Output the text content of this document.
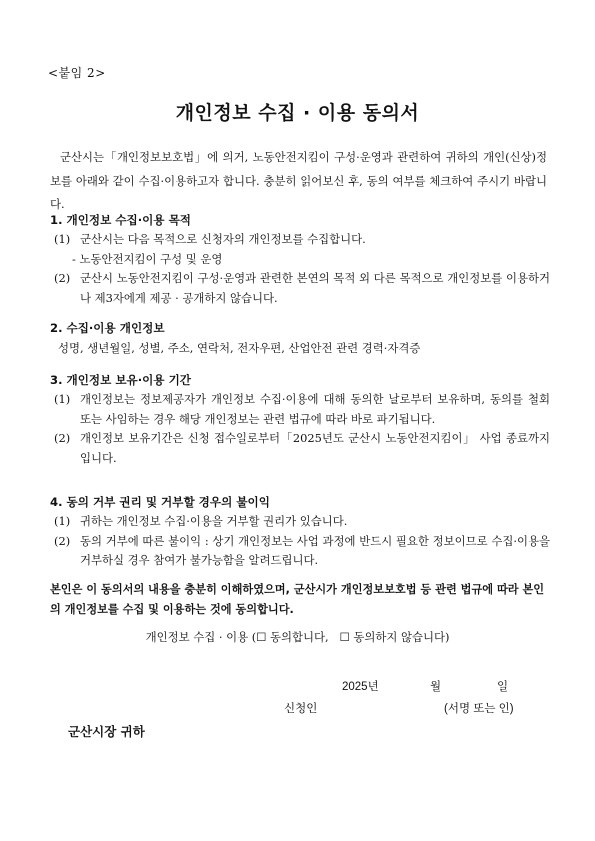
<붙임 2>
개인정보 수집 · 이용 동의서

군산시는「개인정보보호법」에 의거, 노동안전지킴이 구성·운영과 관련하여 귀하의 개인(신상)정보를 아래와 같이 수집·이용하고자 합니다. 충분히 읽어보신 후, 동의 여부를 체크하여 주시기 바랍니다.

1. 개인정보 수집·이용 목적
(1) 군산시는 다음 목적으로 신청자의 개인정보를 수집합니다.
- 노동안전지킴이 구성 및 운영
(2) 군산시 노동안전지킴이 구성·운영과 관련한 본연의 목적 외 다른 목적으로 개인정보를 이용하거나 제3자에게 제공 · 공개하지 않습니다.
2. 수집·이용 개인정보
성명, 생년월일, 성별, 주소, 연락처, 전자우편, 산업안전 관련 경력·자격증
3. 개인정보 보유·이용 기간
(1) 개인정보는 정보제공자가 개인정보 수집·이용에 대해 동의한 날로부터 보유하며, 동의를 철회 또는 사임하는 경우 해당 개인정보는 관련 법규에 따라 바로 파기됩니다.
(2) 개인정보 보유기간은 신청 접수일로부터「2025년도 군산시 노동안전지킴이」 사업 종료까지입니다.
4. 동의 거부 권리 및 거부할 경우의 불이익
(1) 귀하는 개인정보 수집·이용을 거부할 권리가 있습니다.
(2) 동의 거부에 따른 불이익 : 상기 개인정보는 사업 과정에 반드시 필요한 정보이므로 수집·이용을 거부하실 경우 참여가 불가능함을 알려드립니다.
본인은 이 동의서의 내용을 충분히 이해하였으며, 군산시가 개인정보보호법 등 관련 법규에 따라 본인의 개인정보를 수집 및 이용하는 것에 동의합니다.
개인정보 수집 · 이용 (☐ 동의합니다, ☐ 동의하지 않습니다)
2025년	월	일
신청인	(서명 또는 인)
군산시장 귀하
